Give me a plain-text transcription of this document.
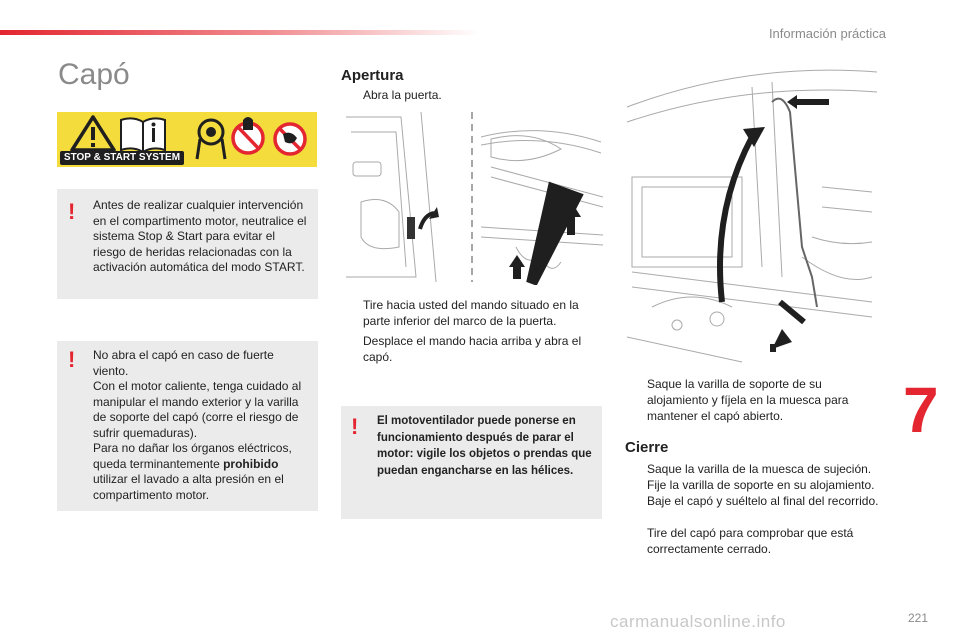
Información práctica
7
221
Capó
STOP & START SYSTEM
! Antes de realizar cualquier intervención en el compartimento motor, neutralice el sistema Stop & Start para evitar el riesgo de heridas relacionadas con la activación automática del modo START.
! No abra el capó en caso de fuerte viento.
Con el motor caliente, tenga cuidado al manipular el mando exterior y la varilla de soporte del capó (corre el riesgo de sufrir quemaduras).
Para no dañar los órganos eléctricos, queda terminantemente prohibido utilizar el lavado a alta presión en el compartimento motor.
Apertura
Abra la puerta.
Tire hacia usted del mando situado en la parte inferior del marco de la puerta.
Desplace el mando hacia arriba y abra el capó.
! El motoventilador puede ponerse en funcionamiento después de parar el motor: vigile los objetos o prendas que puedan engancharse en las hélices.
Saque la varilla de soporte de su alojamiento y fíjela en la muesca para mantener el capó abierto.
Cierre
Saque la varilla de la muesca de sujeción.
Fije la varilla de soporte en su alojamiento.
Baje el capó y suéltelo al final del recorrido.
Tire del capó para comprobar que está correctamente cerrado.
carmanualsonline.info
